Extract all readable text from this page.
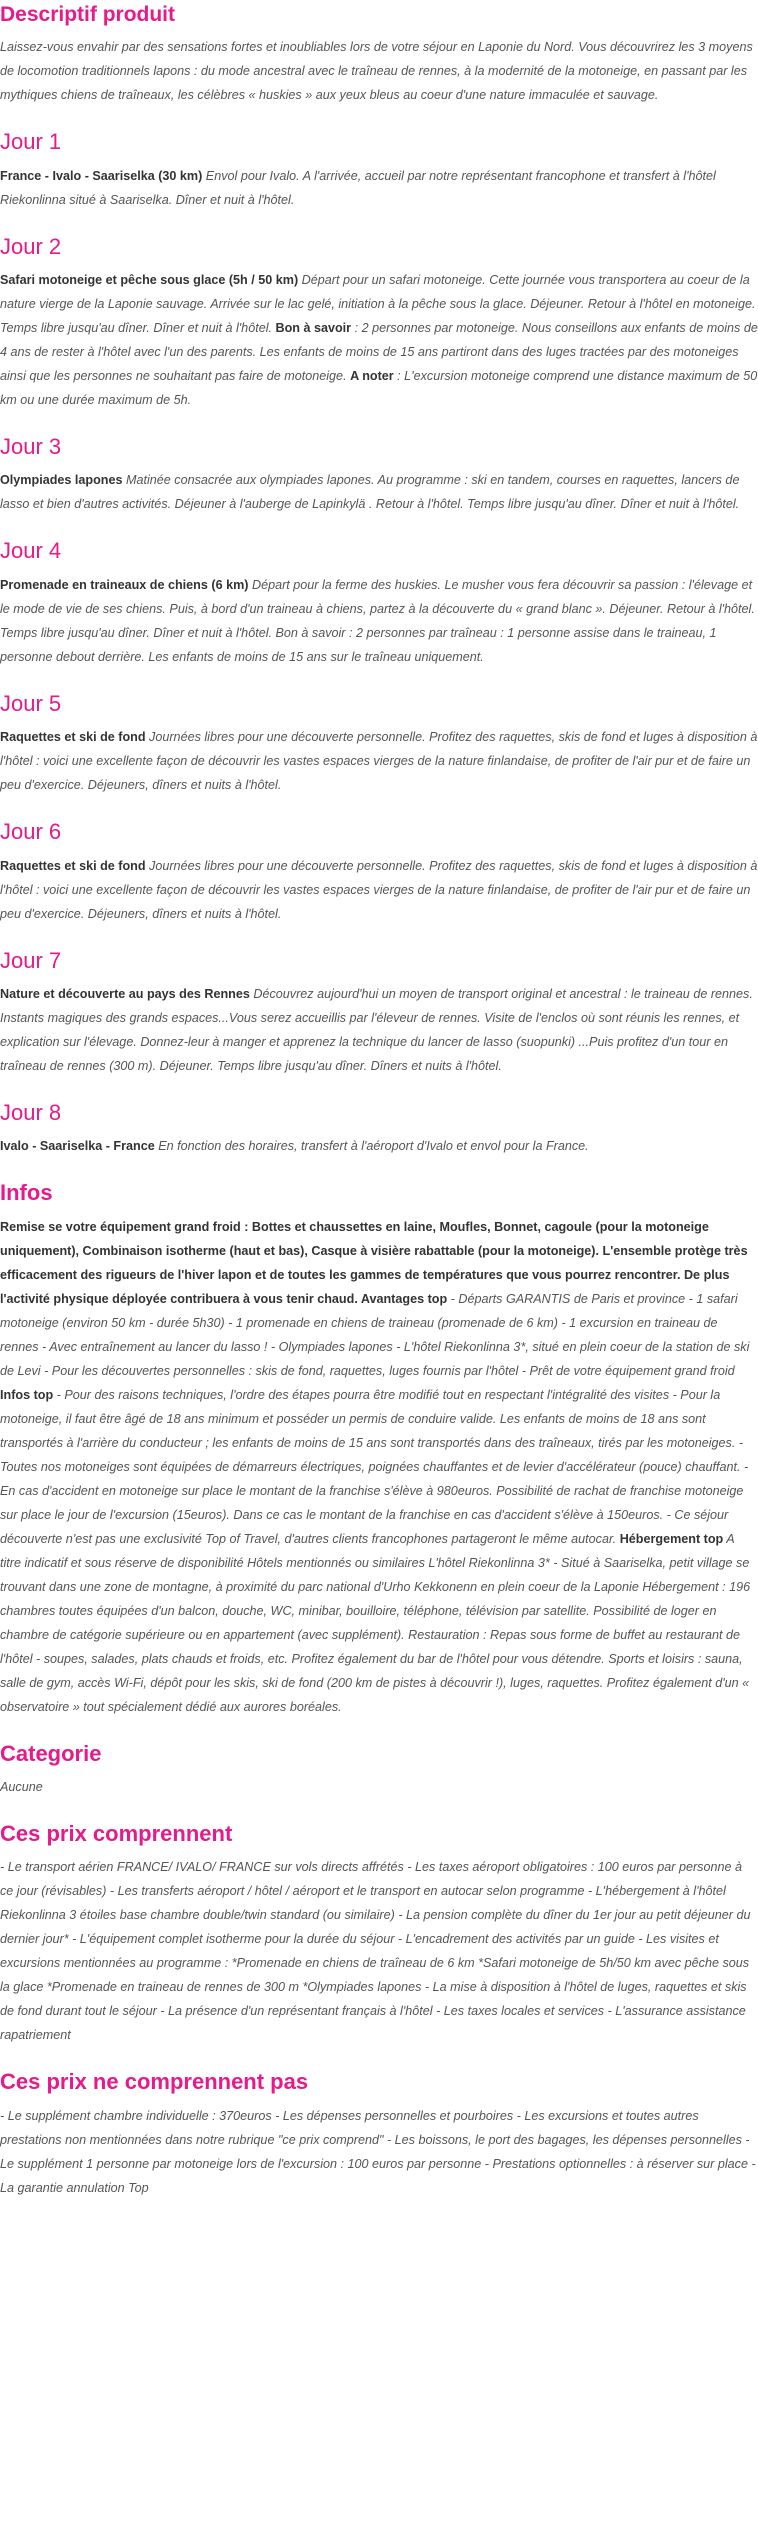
Descriptif produit

Laissez-vous envahir par des sensations fortes et inoubliables lors de votre séjour en Laponie du Nord. Vous découvrirez les 3 moyens de locomotion traditionnels lapons : du mode ancestral avec le traîneau de rennes, à la modernité de la motoneige, en passant par les mythiques chiens de traîneaux, les célèbres « huskies » aux yeux bleus au coeur d'une nature immaculée et sauvage.

Jour 1

France - Ivalo - Saariselka (30 km) Envol pour Ivalo. A l'arrivée, accueil par notre représentant francophone et transfert à l'hôtel Riekonlinna situé à Saariselka. Dîner et nuit à l'hôtel.

Jour 2

Safari motoneige et pêche sous glace (5h / 50 km) Départ pour un safari motoneige. Cette journée vous transportera au coeur de la nature vierge de la Laponie sauvage. Arrivée sur le lac gelé, initiation à la pêche sous la glace. Déjeuner. Retour à l'hôtel en motoneige. Temps libre jusqu'au dîner. Dîner et nuit à l'hôtel. Bon à savoir : 2 personnes par motoneige. Nous conseillons aux enfants de moins de 4 ans de rester à l'hôtel avec l'un des parents. Les enfants de moins de 15 ans partiront dans des luges tractées par des motoneiges ainsi que les personnes ne souhaitant pas faire de motoneige. A noter : L'excursion motoneige comprend une distance maximum de 50 km ou une durée maximum de 5h.

Jour 3

Olympiades lapones Matinée consacrée aux olympiades lapones. Au programme : ski en tandem, courses en raquettes, lancers de lasso et bien d'autres activités. Déjeuner à l'auberge de Lapinkylä . Retour à l'hôtel. Temps libre jusqu'au dîner. Dîner et nuit à l'hôtel.

Jour 4

Promenade en traineaux de chiens (6 km) Départ pour la ferme des huskies. Le musher vous fera découvrir sa passion : l'élevage et le mode de vie de ses chiens. Puis, à bord d'un traineau à chiens, partez à la découverte du « grand blanc ». Déjeuner. Retour à l'hôtel. Temps libre jusqu'au dîner. Dîner et nuit à l'hôtel. Bon à savoir : 2 personnes par traîneau : 1 personne assise dans le traineau, 1 personne debout derrière. Les enfants de moins de 15 ans sur le traîneau uniquement.

Jour 5

Raquettes et ski de fond Journées libres pour une découverte personnelle. Profitez des raquettes, skis de fond et luges à disposition à l'hôtel : voici une excellente façon de découvrir les vastes espaces vierges de la nature finlandaise, de profiter de l'air pur et de faire un peu d'exercice. Déjeuners, dîners et nuits à l'hôtel.

Jour 6

Raquettes et ski de fond Journées libres pour une découverte personnelle. Profitez des raquettes, skis de fond et luges à disposition à l'hôtel : voici une excellente façon de découvrir les vastes espaces vierges de la nature finlandaise, de profiter de l'air pur et de faire un peu d'exercice. Déjeuners, dîners et nuits à l'hôtel.

Jour 7

Nature et découverte au pays des Rennes Découvrez aujourd'hui un moyen de transport original et ancestral : le traineau de rennes. Instants magiques des grands espaces...Vous serez accueillis par l'éleveur de rennes. Visite de l'enclos où sont réunis les rennes, et explication sur l'élevage. Donnez-leur à manger et apprenez la technique du lancer de lasso (suopunki) ...Puis profitez d'un tour en traîneau de rennes (300 m). Déjeuner. Temps libre jusqu'au dîner. Dîners et nuits à l'hôtel.

Jour 8

Ivalo - Saariselka - France En fonction des horaires, transfert à l'aéroport d'Ivalo et envol pour la France.

Infos

Remise se votre équipement grand froid : Bottes et chaussettes en laine, Moufles, Bonnet, cagoule (pour la motoneige uniquement), Combinaison isotherme (haut et bas), Casque à visière rabattable (pour la motoneige). L'ensemble protège très efficacement des rigueurs de l'hiver lapon et de toutes les gammes de températures que vous pourrez rencontrer. De plus l'activité physique déployée contribuera à vous tenir chaud. Avantages top - Départs GARANTIS de Paris et province - 1 safari motoneige (environ 50 km - durée 5h30) - 1 promenade en chiens de traineau (promenade de 6 km) - 1 excursion en traineau de rennes - Avec entraînement au lancer du lasso ! - Olympiades lapones - L'hôtel Riekonlinna 3*, situé en plein coeur de la station de ski de Levi - Pour les découvertes personnelles : skis de fond, raquettes, luges fournis par l'hôtel - Prêt de votre équipement grand froid Infos top - Pour des raisons techniques, l'ordre des étapes pourra être modifié tout en respectant l'intégralité des visites - Pour la motoneige, il faut être âgé de 18 ans minimum et posséder un permis de conduire valide. Les enfants de moins de 18 ans sont transportés à l'arrière du conducteur ; les enfants de moins de 15 ans sont transportés dans des traîneaux, tirés par les motoneiges. - Toutes nos motoneiges sont équipées de démarreurs électriques, poignées chauffantes et de levier d'accélérateur (pouce) chauffant. - En cas d'accident en motoneige sur place le montant de la franchise s'élève à 980euros. Possibilité de rachat de franchise motoneige sur place le jour de l'excursion (15euros). Dans ce cas le montant de la franchise en cas d'accident s'élève à 150euros. - Ce séjour découverte n'est pas une exclusivité Top of Travel, d'autres clients francophones partageront le même autocar. Hébergement top A titre indicatif et sous réserve de disponibilité Hôtels mentionnés ou similaires L'hôtel Riekonlinna 3* - Situé à Saariselka, petit village se trouvant dans une zone de montagne, à proximité du parc national d'Urho Kekkonenn en plein coeur de la Laponie Hébergement : 196 chambres toutes équipées d'un balcon, douche, WC, minibar, bouilloire, téléphone, télévision par satellite. Possibilité de loger en chambre de catégorie supérieure ou en appartement (avec supplément). Restauration : Repas sous forme de buffet au restaurant de l'hôtel - soupes, salades, plats chauds et froids, etc. Profitez également du bar de l'hôtel pour vous détendre. Sports et loisirs : sauna, salle de gym, accès Wi-Fi, dépôt pour les skis, ski de fond (200 km de pistes à découvrir !), luges, raquettes. Profitez également d'un « observatoire » tout spécialement dédié aux aurores boréales.

Categorie

Aucune

Ces prix comprennent

- Le transport aérien FRANCE/ IVALO/ FRANCE sur vols directs affrétés - Les taxes aéroport obligatoires : 100 euros par personne à ce jour (révisables) - Les transferts aéroport / hôtel / aéroport et le transport en autocar selon programme - L'hébergement à l'hôtel Riekonlinna 3 étoiles base chambre double/twin standard (ou similaire) - La pension complète du dîner du 1er jour au petit déjeuner du dernier jour* - L'équipement complet isotherme pour la durée du séjour - L'encadrement des activités par un guide - Les visites et excursions mentionnées au programme : *Promenade en chiens de traîneau de 6 km *Safari motoneige de 5h/50 km avec pêche sous la glace *Promenade en traineau de rennes de 300 m *Olympiades lapones - La mise à disposition à l'hôtel de luges, raquettes et skis de fond durant tout le séjour - La présence d'un représentant français à l'hôtel - Les taxes locales et services - L'assurance assistance rapatriement

Ces prix ne comprennent pas

- Le supplément chambre individuelle : 370euros - Les dépenses personnelles et pourboires - Les excursions et toutes autres prestations non mentionnées dans notre rubrique "ce prix comprend" - Les boissons, le port des bagages, les dépenses personnelles - Le supplément 1 personne par motoneige lors de l'excursion : 100 euros par personne - Prestations optionnelles : à réserver sur place - La garantie annulation Top
